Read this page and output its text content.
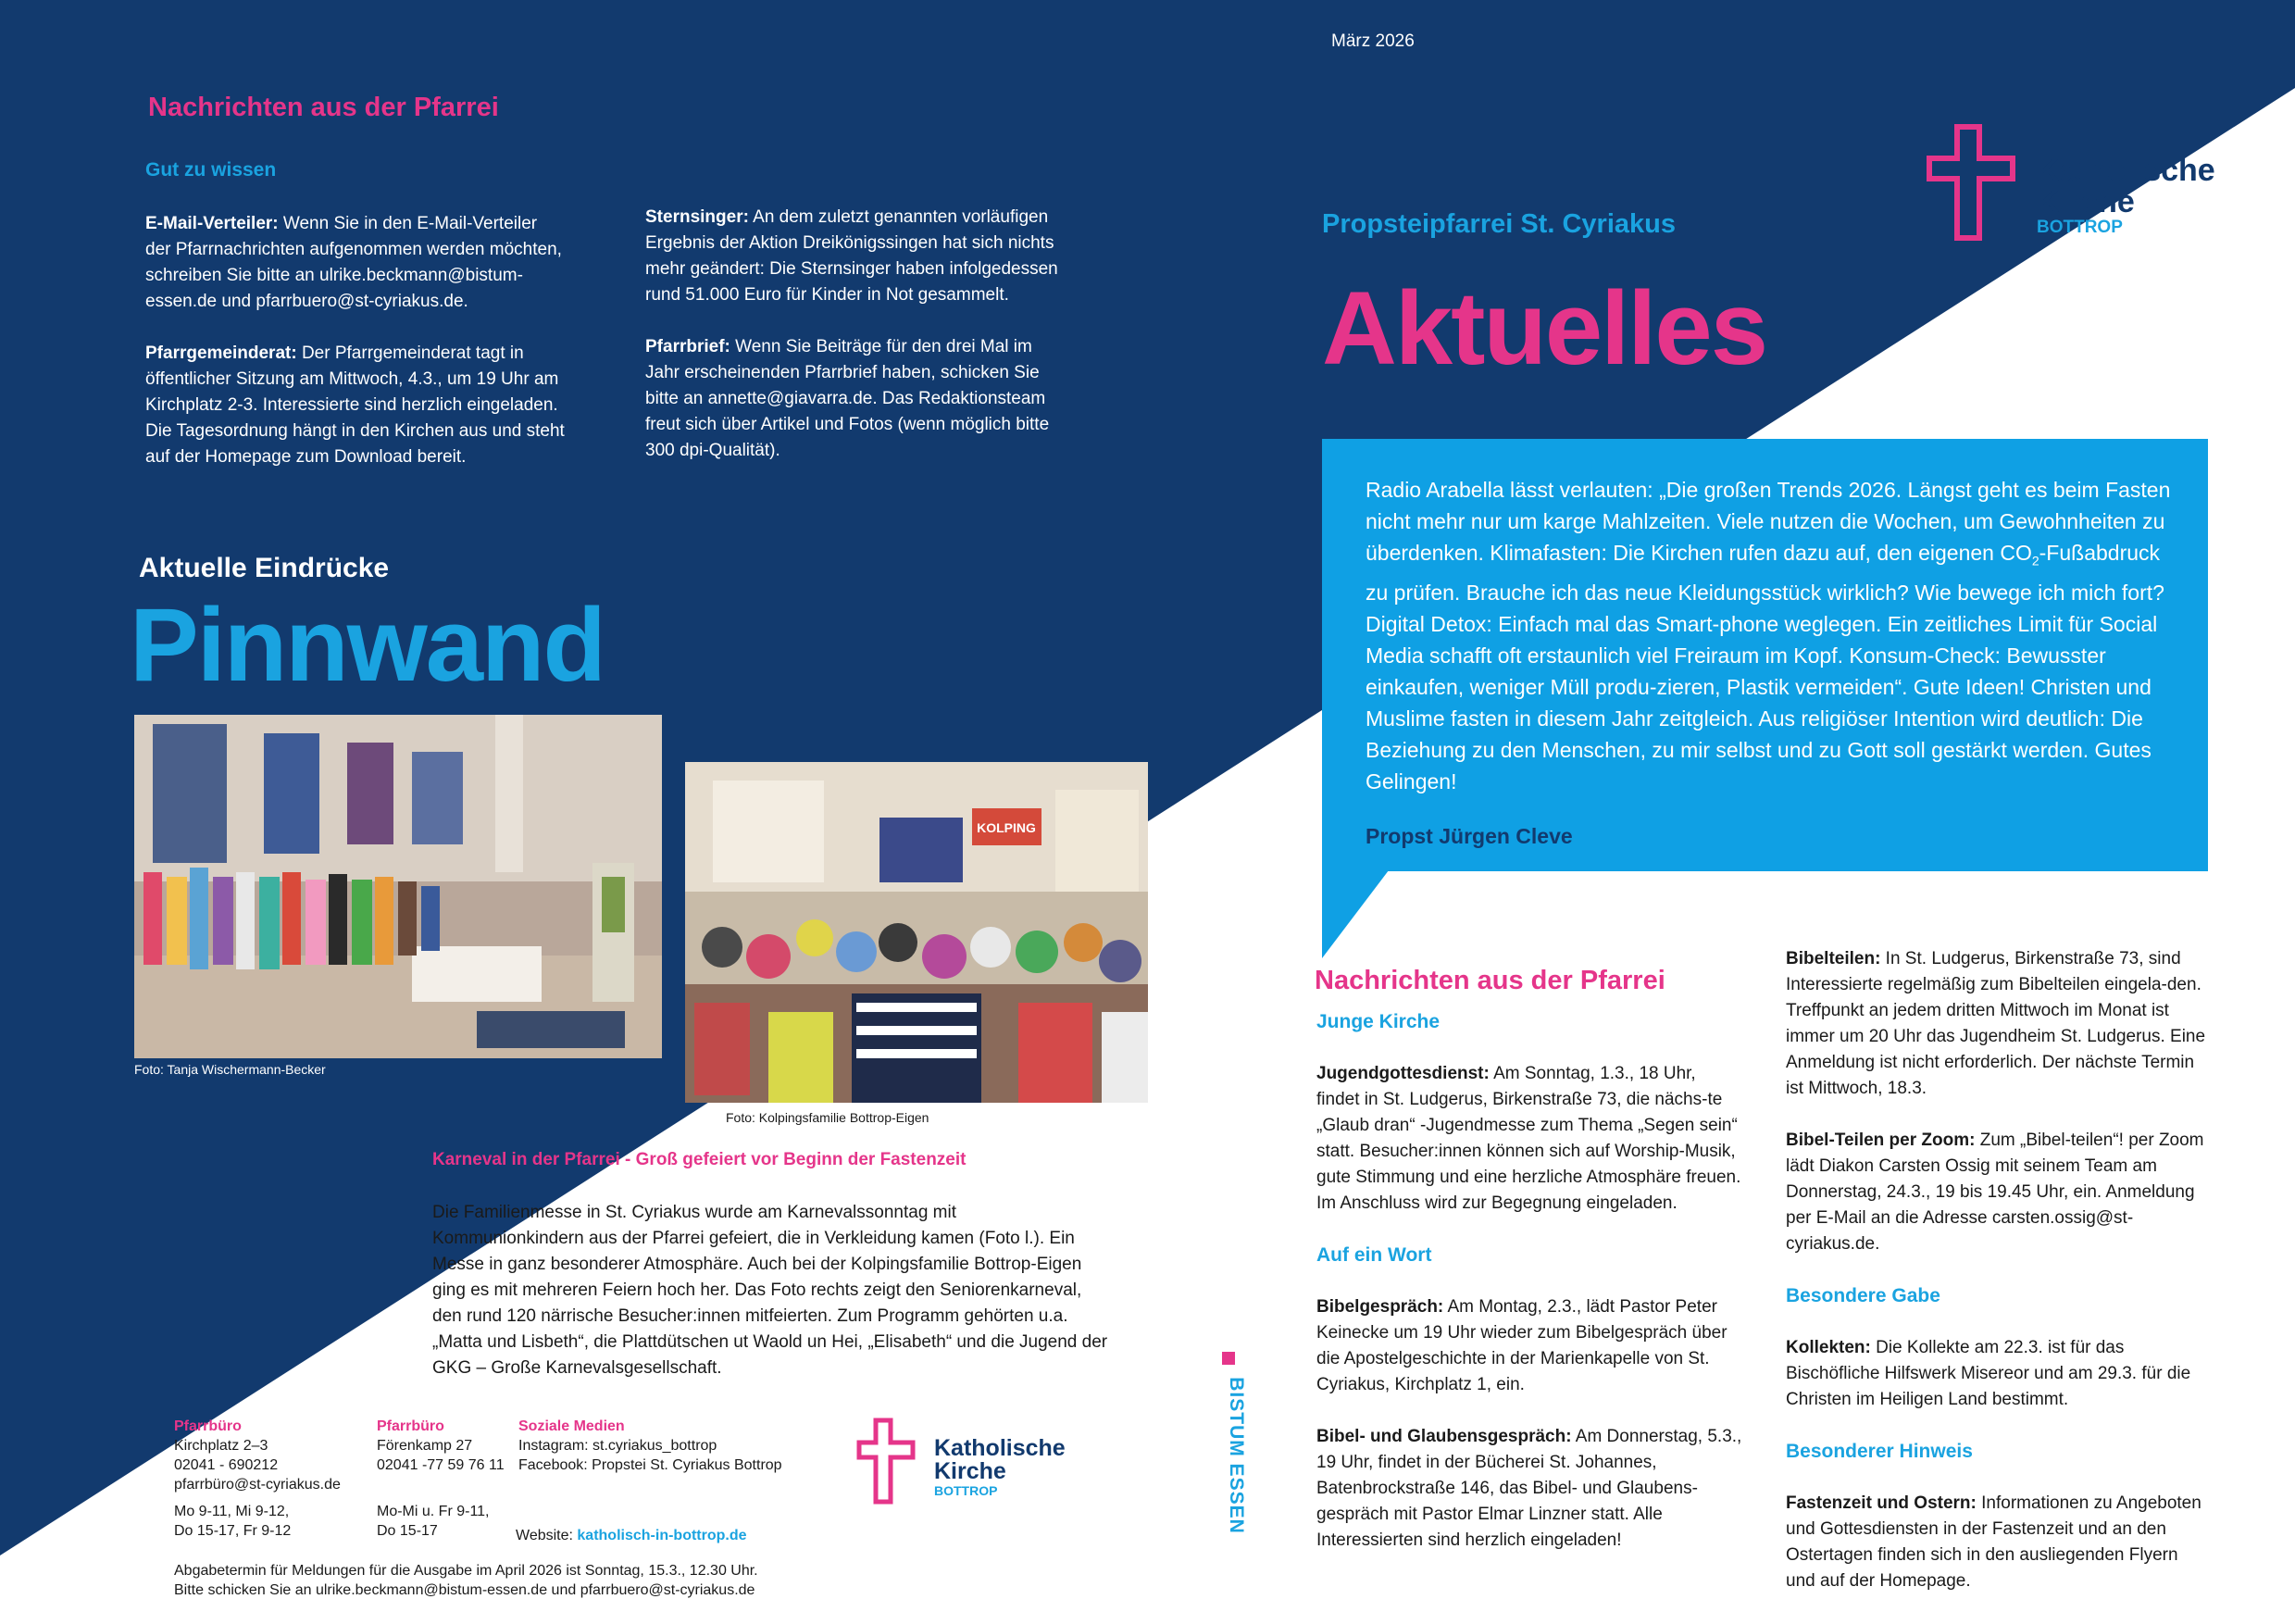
März 2026
Nachrichten aus der Pfarrei
Gut zu wissen

E-Mail-Verteiler: Wenn Sie in den E-Mail-Verteiler der Pfarrnachrichten aufgenommen werden möchten, schreiben Sie bitte an ulrike.beckmann@bistum-essen.de und pfarrbuero@st-cyriakus.de.

Pfarrgemeinderat: Der Pfarrgemeinderat tagt in öffentlicher Sitzung am Mittwoch, 4.3., um 19 Uhr am Kirchplatz 2-3. Interessierte sind herzlich eingeladen. Die Tagesordnung hängt in den Kirchen aus und steht auf der Homepage zum Download bereit.

Sternsinger: An dem zuletzt genannten vorläufigen Ergebnis der Aktion Dreikönigssingen hat sich nichts mehr geändert: Die Sternsinger haben infolgedessen rund 51.000 Euro für Kinder in Not gesammelt.

Pfarrbrief: Wenn Sie Beiträge für den drei Mal im Jahr erscheinenden Pfarrbrief haben, schicken Sie bitte an annette@giavarra.de. Das Redaktionsteam freut sich über Artikel und Fotos (wenn möglich bitte 300 dpi-Qualität).

Aktuelle Eindrücke
Pinnwand
Foto: Tanja Wischermann-Becker
KOLPING
Foto: Kolpingsfamilie Bottrop-Eigen
Karneval in der Pfarrei - Groß gefeiert vor Beginn der Fastenzeit
Die Familienmesse in St. Cyriakus wurde am Karnevalssonntag mit Kommunionkindern aus der Pfarrei gefeiert, die in Verkleidung kamen (Foto l.). Ein Messe in ganz besonderer Atmosphäre. Auch bei der Kolpingsfamilie Bottrop-Eigen ging es mit mehreren Feiern hoch her. Das Foto rechts zeigt den Seniorenkarneval, den rund 120 närrische Besucher:innen mitfeierten. Zum Programm gehörten u.a. „Matta und Lisbeth“, die Plattdütschen ut Waold un Hei, „Elisabeth“ und die Jugend der GKG – Große Karnevalsgesellschaft.
Pfarrbüro
Kirchplatz 2–3
02041 - 690212
pfarrbüro@st-cyriakus.de
Mo 9-11, Mi 9-12,
Do 15-17, Fr 9-12
Pfarrbüro
Förenkamp 27
02041 -77 59 76 11
Mo-Mi u. Fr 9-11,
Do 15-17
Soziale Medien
Instagram: st.cyriakus_bottrop
Facebook: Propstei St. Cyriakus Bottrop
Website: katholisch-in-bottrop.de
Abgabetermin für Meldungen für die Ausgabe im April 2026 ist Sonntag, 15.3., 12.30 Uhr.
Bitte schicken Sie an ulrike.beckmann@bistum-essen.de und pfarrbuero@st-cyriakus.de
Katholische
Kirche
BOTTROP	BISTUM ESSEN
Katholische
Kirche
BOTTROP
Propsteipfarrei St. Cyriakus
Aktuelles
Radio Arabella lässt verlauten: „Die großen Trends 2026. Längst geht es beim Fasten nicht mehr nur um karge Mahlzeiten. Viele nutzen die Wochen, um Gewohnheiten zu überdenken. Klimafasten: Die Kirchen rufen dazu auf, den eigenen $CO_2$-Fußabdruck zu prüfen. Brauche ich das neue Kleidungsstück wirklich? Wie bewege ich mich fort? Digital Detox: Einfach mal das Smart-phone weglegen. Ein zeitliches Limit für Social Media schafft oft erstaunlich viel Freiraum im Kopf. Konsum-Check: Bewusster einkaufen, weniger Müll produ-zieren, Plastik vermeiden“. Gute Ideen! Christen und Muslime fasten in diesem Jahr zeitgleich. Aus religiöser Intention wird deutlich: Die Beziehung zu den Menschen, zu mir selbst und zu Gott soll gestärkt werden. Gutes Gelingen!
Propst Jürgen Cleve
Nachrichten aus der Pfarrei
Junge Kirche

Jugendgottesdienst: Am Sonntag, 1.3., 18 Uhr, findet in St. Ludgerus, Birkenstraße 73, die nächs-te „Glaub dran“ -Jugendmesse zum Thema „Segen sein“ statt. Besucher:innen können sich auf Worship-Musik, gute Stimmung und eine herzliche Atmosphäre freuen. Im Anschluss wird zur Begegnung eingeladen.

Auf ein Wort

Bibelgespräch: Am Montag, 2.3., lädt Pastor Peter Keinecke um 19 Uhr wieder zum Bibelgespräch über die Apostelgeschichte in der Marienkapelle von St. Cyriakus, Kirchplatz 1, ein.

Bibel- und Glaubensgespräch: Am Donnerstag, 5.3., 19 Uhr, findet in der Bücherei St. Johannes, Batenbrockstraße 146, das Bibel- und Glaubens-gespräch mit Pastor Elmar Linzner statt. Alle Interessierten sind herzlich eingeladen!

Bibelteilen: In St. Ludgerus, Birkenstraße 73, sind Interessierte regelmäßig zum Bibelteilen eingela-den. Treffpunkt an jedem dritten Mittwoch im Monat ist immer um 20 Uhr das Jugendheim St. Ludgerus. Eine Anmeldung ist nicht erforderlich. Der nächste Termin ist Mittwoch, 18.3.

Bibel-Teilen per Zoom: Zum „Bibel-teilen“! per Zoom lädt Diakon Carsten Ossig mit seinem Team am Donnerstag, 24.3., 19 bis 19.45 Uhr, ein. Anmeldung per E-Mail an die Adresse carsten.ossig@st-cyriakus.de.

Besondere Gabe

Kollekten: Die Kollekte am 22.3. ist für das Bischöfliche Hilfswerk Misereor und am 29.3. für die Christen im Heiligen Land bestimmt.

Besonderer Hinweis

Fastenzeit und Ostern: Informationen zu Angeboten und Gottesdiensten in der Fastenzeit und an den Ostertagen finden sich in den ausliegenden Flyern und auf der Homepage.
